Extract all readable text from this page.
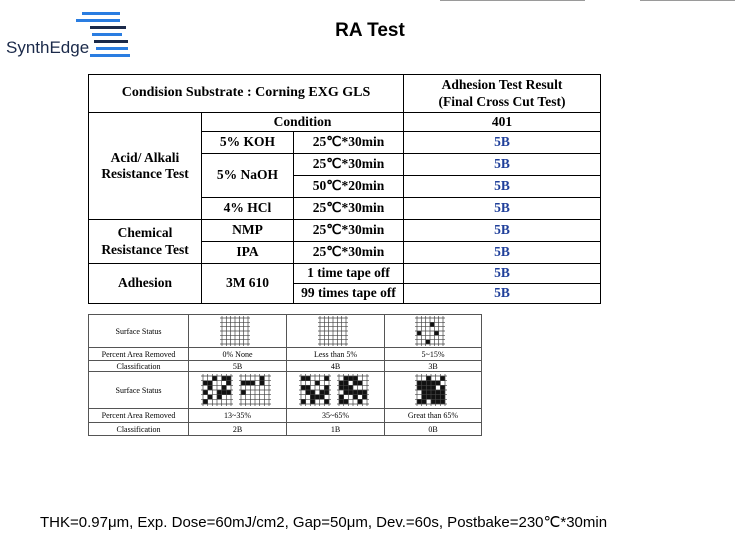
SynthEdge
RA Test
Condision Substrate : Corning EXG GLS			Adhesion Test Result
(Final Cross Cut Test)

Acid/ Alkali
Resistance Test	Condition		401
	5% KOH	25℃*30min	5B
	5% NaOH	25℃*30min	5B
		50℃*20min	5B
	4% HCl	25℃*30min	5B

Chemical
Resistance Test	NMP	25℃*30min	5B
	IPA	25℃*30min	5B
Adhesion	3M 610	1 time tape off	5B
		99 times tape off	5B
Surface Status	

Percent Area Removed	0% None	Less than 5%	5~15%
Classification	5B	4B	3B
Surface Status	

Percent Area Removed	13~35%	35~65%	Great than 65%
Classification	2B	1B	0B
THK=0.97μm, Exp. Dose=60mJ/cm2, Gap=50μm, Dev.=60s, Postbake=230℃*30min
